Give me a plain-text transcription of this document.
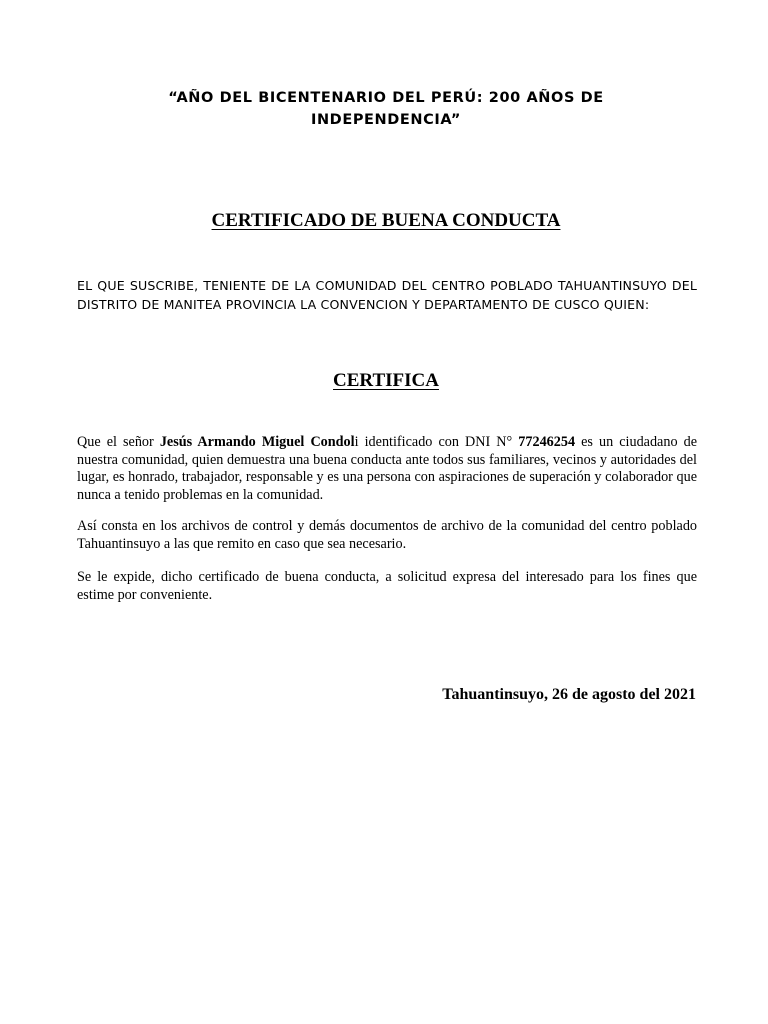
“AÑO DEL BICENTENARIO DEL PERÚ: 200 AÑOS DE INDEPENDENCIA”
CERTIFICADO DE BUENA CONDUCTA
EL QUE SUSCRIBE, TENIENTE DE LA COMUNIDAD DEL CENTRO POBLADO TAHUANTINSUYO DEL DISTRITO DE MANITEA PROVINCIA LA CONVENCION Y DEPARTAMENTO DE CUSCO QUIEN:
CERTIFICA
Que el señor Jesús Armando Miguel Condoli identificado con DNI N° 77246254 es un ciudadano de nuestra comunidad, quien demuestra una buena conducta ante todos sus familiares, vecinos y autoridades del lugar, es honrado, trabajador, responsable y es una persona con aspiraciones de superación y colaborador que nunca a tenido problemas en la comunidad.
Así consta en los archivos de control y demás documentos de archivo de la comunidad del centro poblado Tahuantinsuyo a las que remito en caso que sea necesario.
Se le expide, dicho certificado de buena conducta, a solicitud expresa del interesado para los fines que estime por conveniente.
Tahuantinsuyo, 26 de agosto del 2021
